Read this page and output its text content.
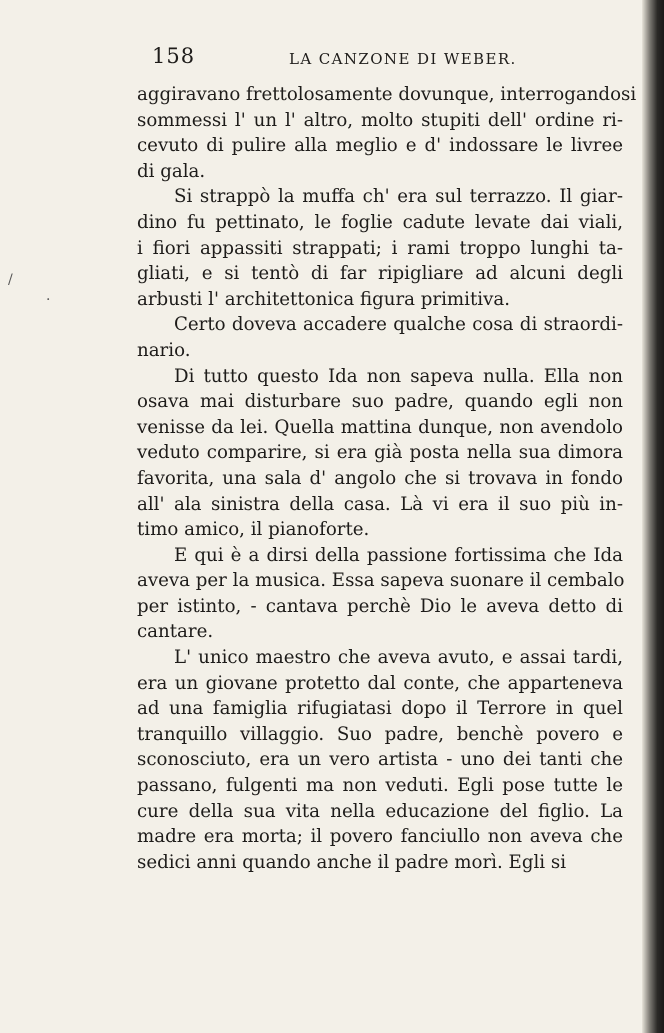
158	LA CANZONE DI WEBER.
aggiravano frettolosamente dovunque, interrogandosi
sommessi l' un l' altro, molto stupiti dell' ordine ri-
cevuto di pulire alla meglio e d' indossare le livree
di gala.
Si strappò la muffa ch' era sul terrazzo. Il giar-
dino fu pettinato, le foglie cadute levate dai viali,
i fiori appassiti strappati; i rami troppo lunghi ta-
gliati, e si tentò di far ripigliare ad alcuni degli
arbusti l' architettonica figura primitiva.
Certo doveva accadere qualche cosa di straordi-
nario.
Di tutto questo Ida non sapeva nulla. Ella non
osava mai disturbare suo padre, quando egli non
venisse da lei. Quella mattina dunque, non avendolo
veduto comparire, si era già posta nella sua dimora
favorita, una sala d' angolo che si trovava in fondo
all' ala sinistra della casa. Là vi era il suo più in-
timo amico, il pianoforte.
E qui è a dirsi della passione fortissima che Ida
aveva per la musica. Essa sapeva suonare il cembalo
per istinto, - cantava perchè Dio le aveva detto di
cantare.
L' unico maestro che aveva avuto, e assai tardi,
era un giovane protetto dal conte, che apparteneva
ad una famiglia rifugiatasi dopo il Terrore in quel
tranquillo villaggio. Suo padre, benchè povero e
sconosciuto, era un vero artista - uno dei tanti che
passano, fulgenti ma non veduti. Egli pose tutte le
cure della sua vita nella educazione del figlio. La
madre era morta; il povero fanciullo non aveva che
sedici anni quando anche il padre morì. Egli si
/
·
